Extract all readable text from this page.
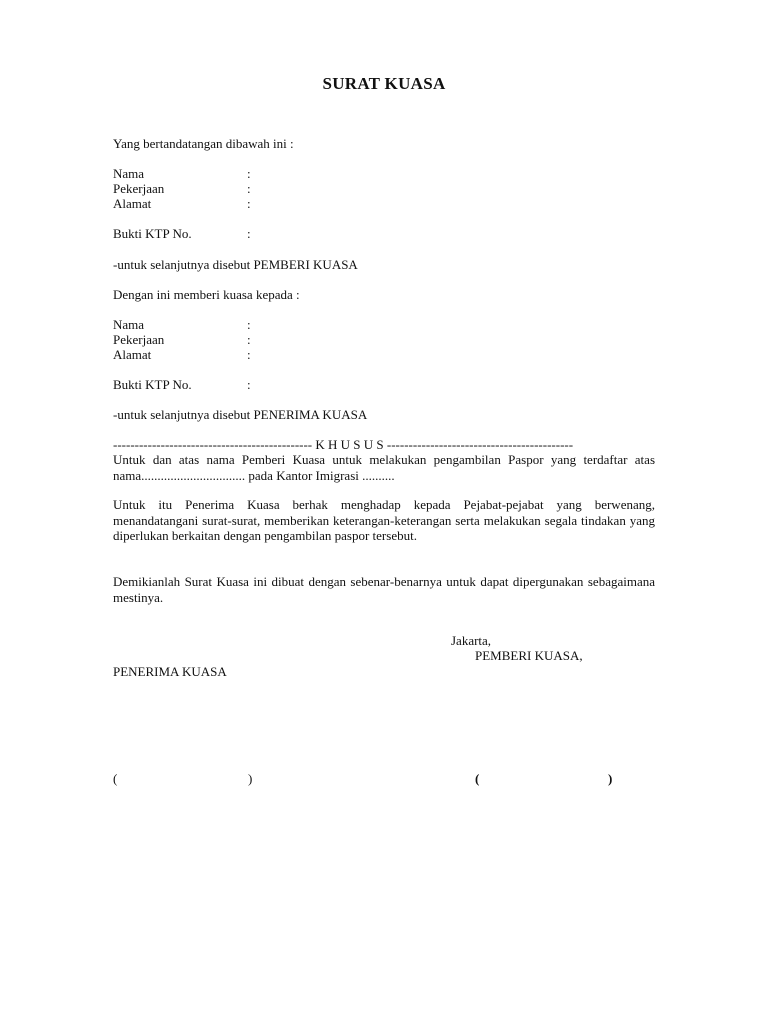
SURAT KUASA
Yang bertandatangan dibawah ini :
Nama	:
Pekerjaan	:
Alamat	:
Bukti KTP No.	:
-untuk selanjutnya disebut PEMBERI KUASA
Dengan ini memberi kuasa kepada :
Nama	:
Pekerjaan	:
Alamat	:
Bukti KTP No.	:
-untuk selanjutnya disebut PENERIMA KUASA
---------------------------------------------- K H U S U S -------------------------------------------
Untuk dan atas nama Pemberi Kuasa untuk melakukan pengambilan Paspor yang terdaftar atas nama................................ pada Kantor Imigrasi ..........
Untuk itu Penerima Kuasa berhak menghadap kepada Pejabat-pejabat yang berwenang, menandatangani surat-surat, memberikan keterangan-keterangan serta melakukan segala tindakan yang diperlukan berkaitan dengan pengambilan paspor tersebut.
Demikianlah Surat Kuasa ini dibuat dengan sebenar-benarnya untuk dapat dipergunakan sebagaimana mestinya.
Jakarta,
PEMBERI KUASA,
PENERIMA KUASA
(	)	(	)
